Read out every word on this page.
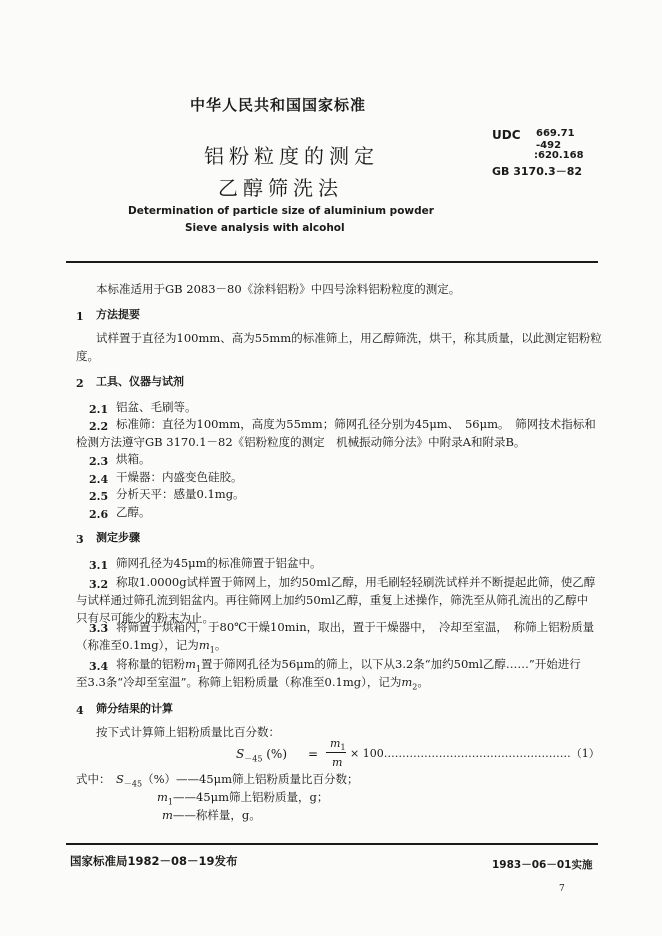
中华人民共和国国家标准
UDC 669.71
-492
:620.168
GB 3170.3－82
铝粉粒度的测定
乙醇筛洗法
Determination of particle size of aluminium powder
Sieve analysis with alcohol
本标准适用于GB 2083－80《涂料铝粉》中四号涂料铝粉粒度的测定。
1 方法提要
试样置于直径为100mm、高为55mm的标准筛上，用乙醇筛洗，烘干，称其质量，以此测定铝粉粒
度。
2 工具、仪器与试剂
2.1 铝盆、毛刷等。
2.2 标准筛：直径为100mm，高度为55mm；筛网孔径分别为45μm、　56μm。　筛网技术指标和
检测方法遵守GB 3170.1－82《铝粉粒度的测定　机械振动筛分法》中附录A和附录B。
2.3 烘箱。
2.4 干燥器：内盛变色硅胶。
2.5 分析天平：感量0.1mg。
2.6 乙醇。
3 测定步骤
3.1 筛网孔径为45μm的标准筛置于铝盆中。
3.2 称取1.0000g试样置于筛网上，加约50ml乙醇，用毛刷轻轻刷洗试样并不断提起此筛，使乙醇
与试样通过筛孔流到铝盆内。再往筛网上加约50ml乙醇，重复上述操作，筛洗至从筛孔流出的乙醇中
只有尽可能少的粉末为止。
3.3 将筛置于烘箱内，于80℃干燥10min，取出，置于干燥器中，　冷却至室温，　称筛上铝粉质量
（称准至0.1mg），记为$m_1$。
3.4 将称量的铝粉$m_1$置于筛网孔径为56μm的筛上，以下从3.2条“加约50ml乙醇……”开始进行
至3.3条“冷却至室温”。称筛上铝粉质量（称准至0.1mg），记为$m_2$。
4 筛分结果的计算
按下式计算筛上铝粉质量比百分数：
$S_{-45}$ (%) =
$m_1$
m
× 100……………………………………………（1）
式中： $S_{-45}(\%)——45\mu m$筛上铝粉质量比百分数；
$m_1——45\mu m$筛上铝粉质量，g；
m——称样量，g。
国家标准局1982－08－19发布	1983－06－01实施
7
